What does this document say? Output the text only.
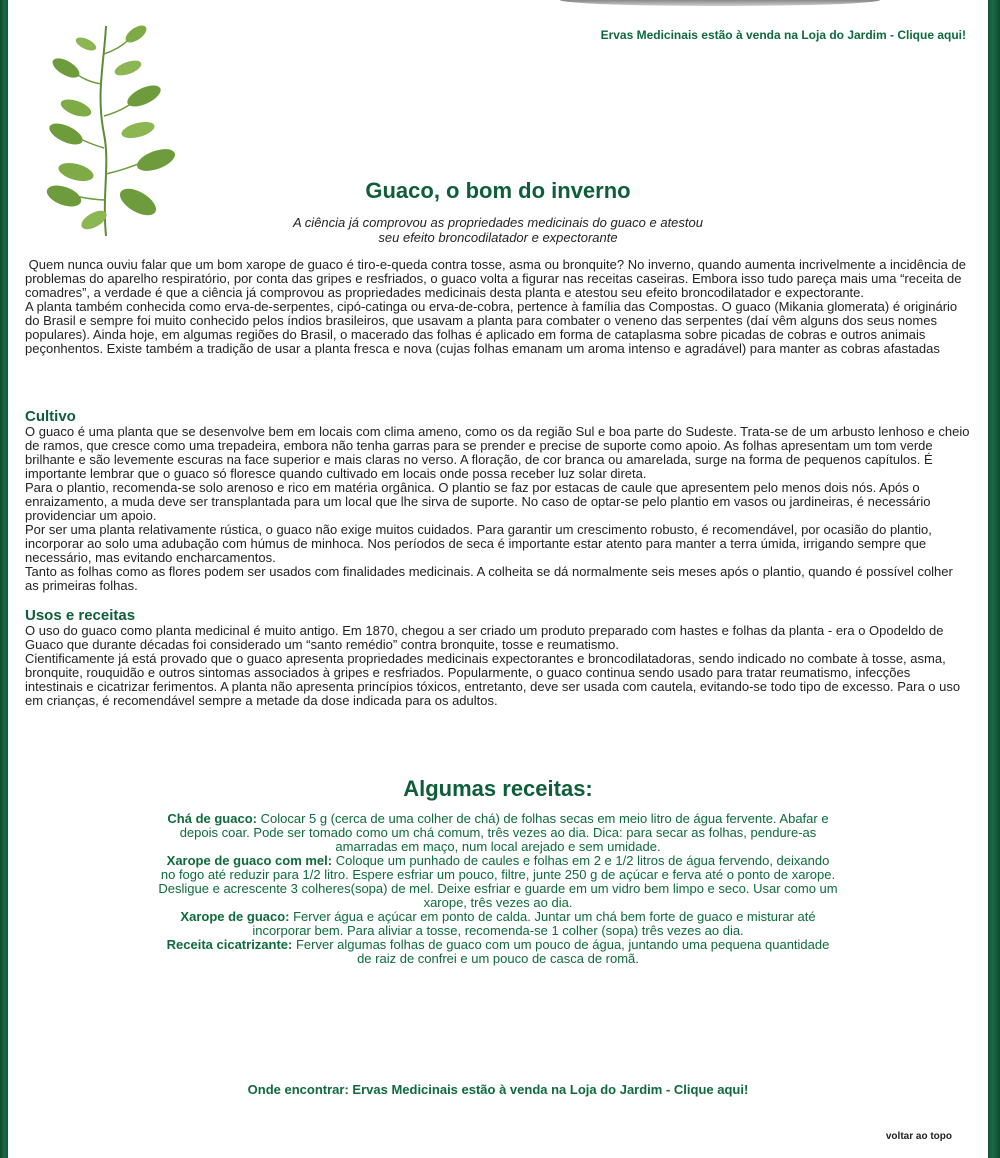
Ervas Medicinais estão à venda na Loja do Jardim - Clique aqui!
Guaco, o bom do inverno
A ciência já comprovou as propriedades medicinais do guaco e atestou
seu efeito broncodilatador e expectorante

Quem nunca ouviu falar que um bom xarope de guaco é tiro-e-queda contra tosse, asma ou bronquite? No inverno, quando aumenta incrivelmente a incidência de problemas do aparelho respiratório, por conta das gripes e resfriados, o guaco volta a figurar nas receitas caseiras. Embora isso tudo pareça mais uma “receita de comadres”, a verdade é que a ciência já comprovou as propriedades medicinais desta planta e atestou seu efeito broncodilatador e expectorante.

A planta também conhecida como erva-de-serpentes, cipó-catinga ou erva-de-cobra, pertence à família das Compostas. O guaco (Mikania glomerata) é originário do Brasil e sempre foi muito conhecido pelos índios brasileiros, que usavam a planta para combater o veneno das serpentes (daí vêm alguns dos seus nomes populares). Ainda hoje, em algumas regiões do Brasil, o macerado das folhas é aplicado em forma de cataplasma sobre picadas de cobras e outros animais peçonhentos. Existe também a tradição de usar a planta fresca e nova (cujas folhas emanam um aroma intenso e agradável) para manter as cobras afastadas

Cultivo

O guaco é uma planta que se desenvolve bem em locais com clima ameno, como os da região Sul e boa parte do Sudeste. Trata-se de um arbusto lenhoso e cheio de ramos, que cresce como uma trepadeira, embora não tenha garras para se prender e precise de suporte como apoio. As folhas apresentam um tom verde brilhante e são levemente escuras na face superior e mais claras no verso. A floração, de cor branca ou amarelada, surge na forma de pequenos capítulos. É importante lembrar que o guaco só floresce quando cultivado em locais onde possa receber luz solar direta.

Para o plantio, recomenda-se solo arenoso e rico em matéria orgânica. O plantio se faz por estacas de caule que apresentem pelo menos dois nós. Após o enraizamento, a muda deve ser transplantada para um local que lhe sirva de suporte. No caso de optar-se pelo plantio em vasos ou jardineiras, é necessário providenciar um apoio.

Por ser uma planta relativamente rústica, o guaco não exige muitos cuidados. Para garantir um crescimento robusto, é recomendável, por ocasião do plantio, incorporar ao solo uma adubação com húmus de minhoca. Nos períodos de seca é importante estar atento para manter a terra úmida, irrigando sempre que necessário, mas evitando encharcamentos.

Tanto as folhas como as flores podem ser usados com finalidades medicinais. A colheita se dá normalmente seis meses após o plantio, quando é possível colher as primeiras folhas.

Usos e receitas

O uso do guaco como planta medicinal é muito antigo. Em 1870, chegou a ser criado um produto preparado com hastes e folhas da planta - era o Opodeldo de Guaco que durante décadas foi considerado um “santo remédio” contra bronquite, tosse e reumatismo.

Cientificamente já está provado que o guaco apresenta propriedades medicinais expectorantes e broncodilatadoras, sendo indicado no combate à tosse, asma, bronquite, rouquidão e outros sintomas associados à gripes e resfriados. Popularmente, o guaco continua sendo usado para tratar reumatismo, infecções intestinais e cicatrizar ferimentos. A planta não apresenta princípios tóxicos, entretanto, deve ser usada com cautela, evitando-se todo tipo de excesso. Para o uso em crianças, é recomendável sempre a metade da dose indicada para os adultos.

Algumas receitas:

Chá de guaco: Colocar 5 g (cerca de uma colher de chá) de folhas secas em meio litro de água fervente. Abafar e depois coar. Pode ser tomado como um chá comum, três vezes ao dia. Dica: para secar as folhas, pendure-as amarradas em maço, num local arejado e sem umidade.

Xarope de guaco com mel: Coloque um punhado de caules e folhas em 2 e 1/2 litros de água fervendo, deixando no fogo até reduzir para 1/2 litro. Espere esfriar um pouco, filtre, junte 250 g de açúcar e ferva até o ponto de xarope. Desligue e acrescente 3 colheres(sopa) de mel. Deixe esfriar e guarde em um vidro bem limpo e seco. Usar como um xarope, três vezes ao dia.

Xarope de guaco: Ferver água e açúcar em ponto de calda. Juntar um chá bem forte de guaco e misturar até incorporar bem. Para aliviar a tosse, recomenda-se 1 colher (sopa) três vezes ao dia.

Receita cicatrizante: Ferver algumas folhas de guaco com um pouco de água, juntando uma pequena quantidade de raiz de confrei e um pouco de casca de romã.

Onde encontrar: Ervas Medicinais estão à venda na Loja do Jardim - Clique aqui!
voltar ao topo
